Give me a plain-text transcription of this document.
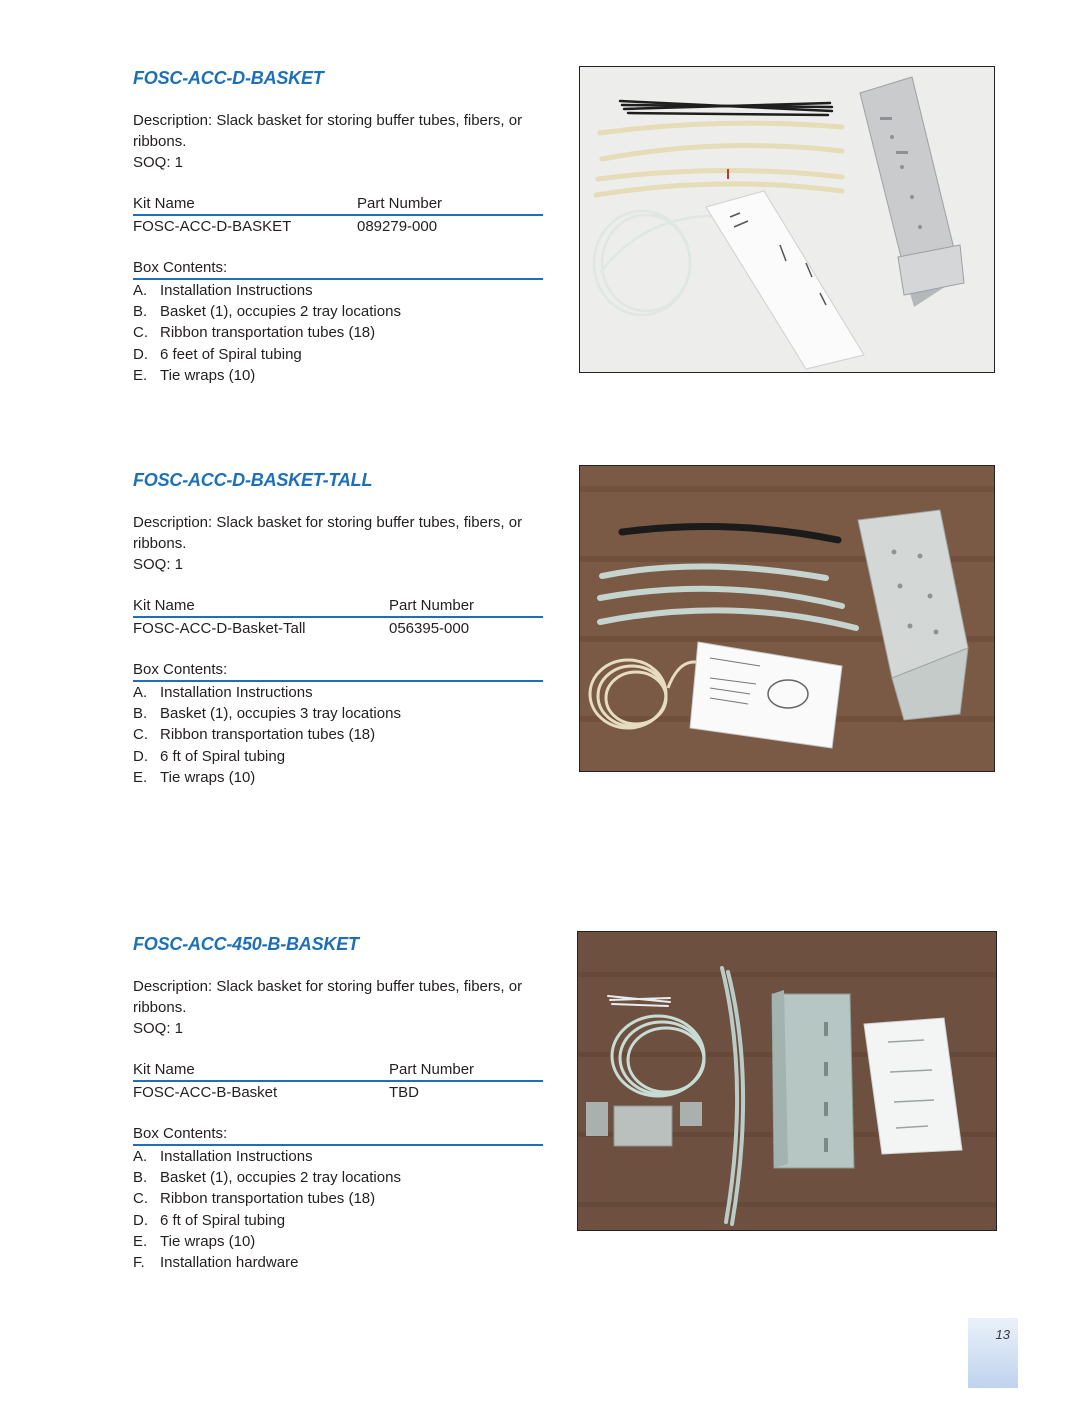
FOSC-ACC-D-BASKET
Description: Slack basket for storing buffer tubes, fibers, or ribbons.
SOQ: 1
Kit Name	Part Number
FOSC-ACC-D-BASKET	089279-000
Box Contents:
A. Installation Instructions
B. Basket (1), occupies 2 tray locations
C. Ribbon transportation tubes (18)
D. 6 feet of Spiral tubing
E. Tie wraps (10)
FOSC-ACC-D-BASKET-TALL
Description: Slack basket for storing buffer tubes, fibers, or ribbons.
SOQ: 1
Kit Name	Part Number
FOSC-ACC-D-Basket-Tall	056395-000
Box Contents:
A. Installation Instructions
B. Basket (1), occupies 3 tray locations
C. Ribbon transportation tubes (18)
D. 6 ft of Spiral tubing
E. Tie wraps (10)
FOSC-ACC-450-B-BASKET
Description: Slack basket for storing buffer tubes, fibers, or ribbons.
SOQ: 1
Kit Name	Part Number
FOSC-ACC-B-Basket	TBD
Box Contents:
A. Installation Instructions
B. Basket (1), occupies 2 tray locations
C. Ribbon transportation tubes (18)
D. 6 ft of Spiral tubing
E. Tie wraps (10)
F.	Installation hardware
13
